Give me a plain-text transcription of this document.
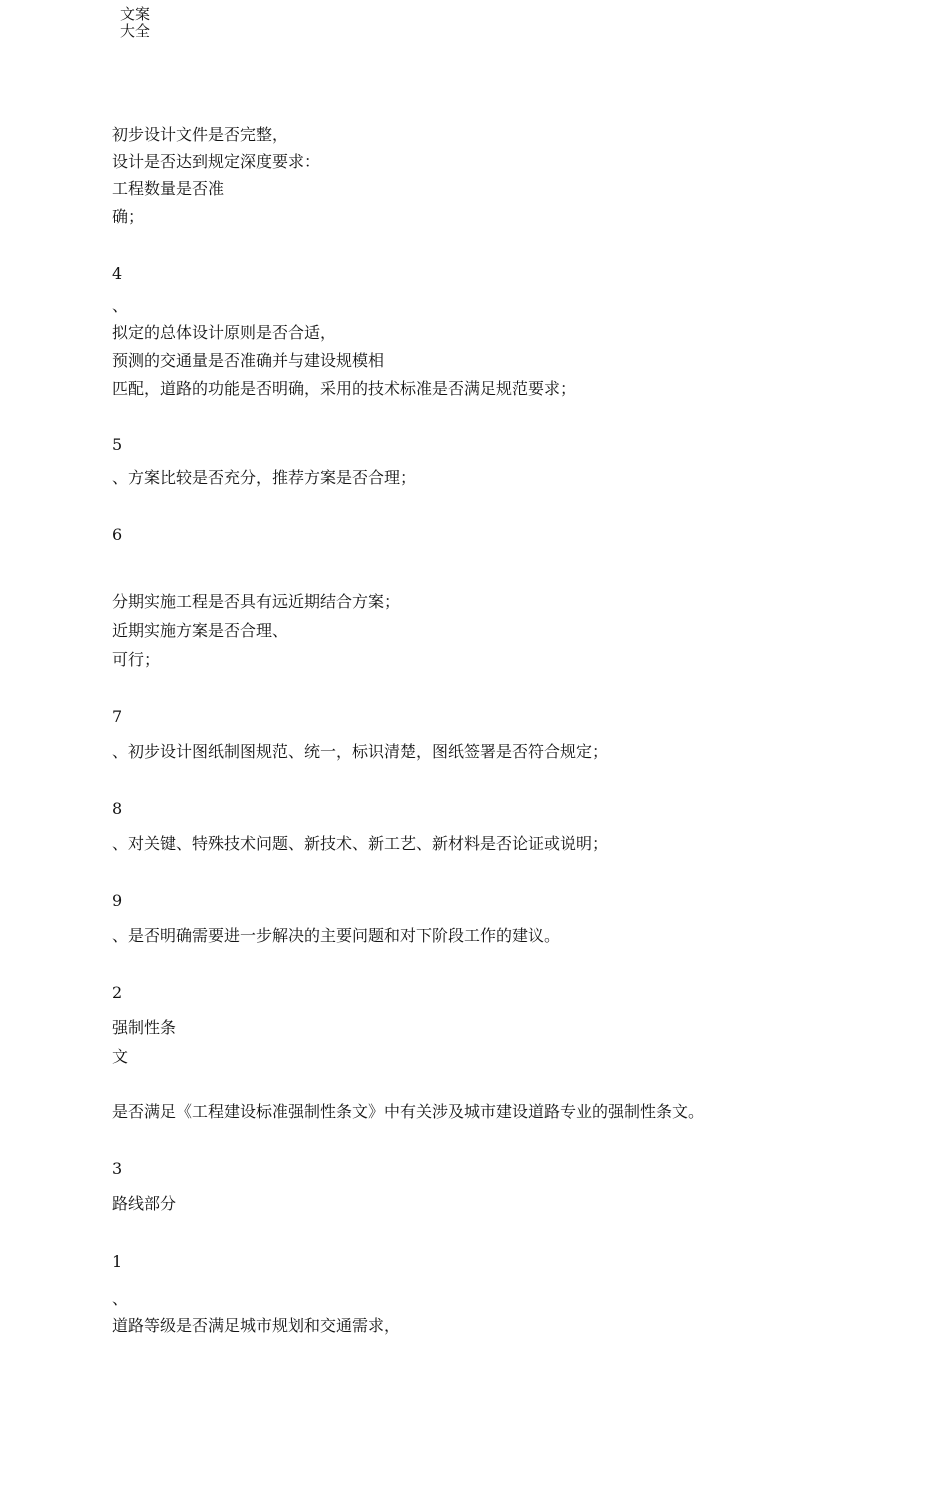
文案
大全
初步设计文件是否完整，
设计是否达到规定深度要求：
工程数量是否准
确；
4
、
拟定的总体设计原则是否合适，
预测的交通量是否准确并与建设规模相
匹配，道路的功能是否明确，采用的技术标准是否满足规范要求；
5
、方案比较是否充分，推荐方案是否合理；
6
分期实施工程是否具有远近期结合方案；
近期实施方案是否合理、
可行；
7
、初步设计图纸制图规范、统一，标识清楚，图纸签署是否符合规定；
8
、对关键、特殊技术问题、新技术、新工艺、新材料是否论证或说明；
9
、是否明确需要进一步解决的主要问题和对下阶段工作的建议。
2
强制性条
文
是否满足《工程建设标准强制性条文》中有关涉及城市建设道路专业的强制性条文。
3
路线部分
1
、
道路等级是否满足城市规划和交通需求，
